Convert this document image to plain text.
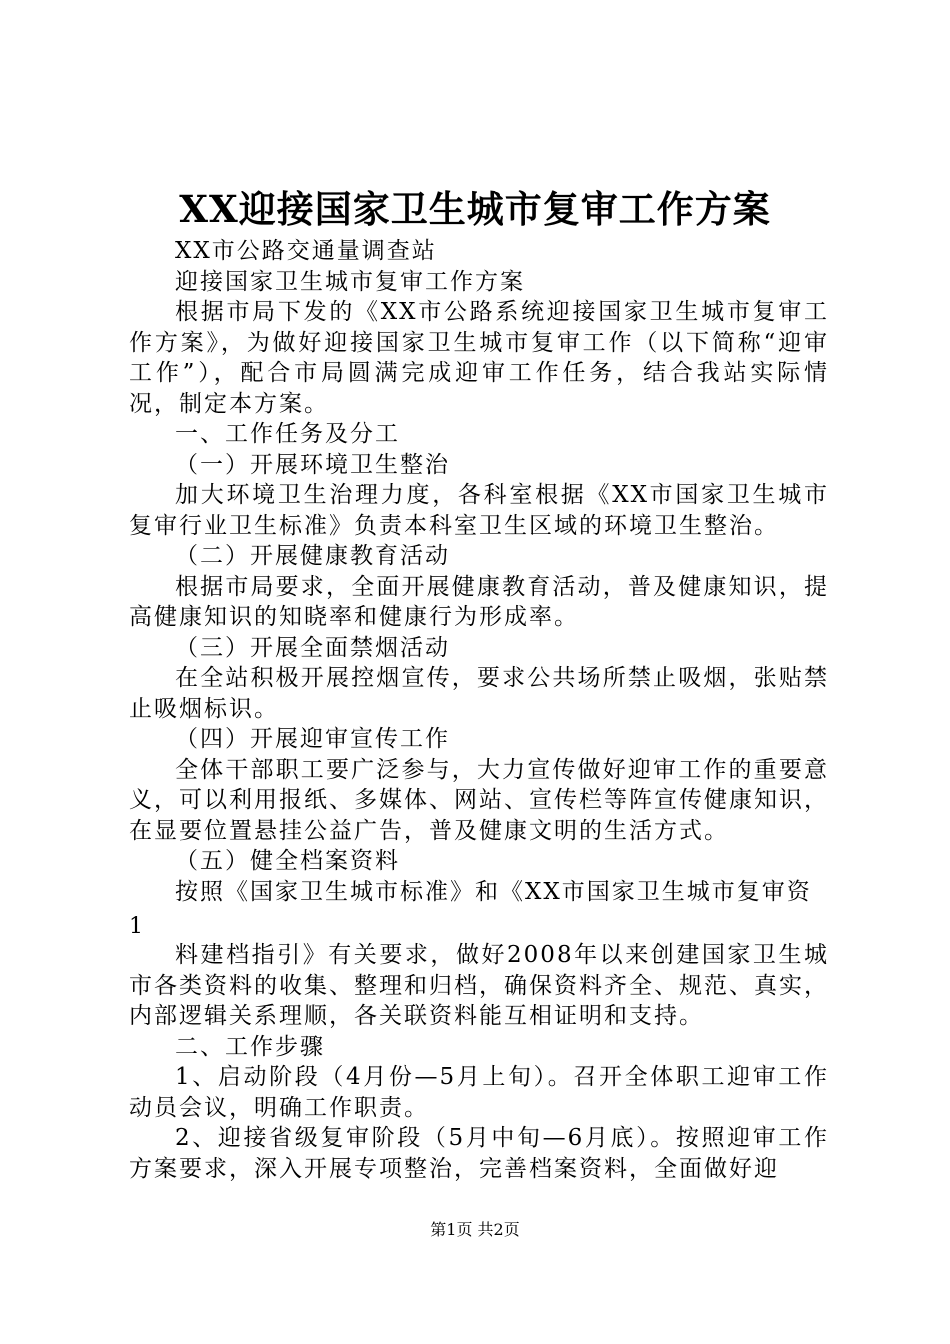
XX迎接国家卫生城市复审工作方案

XX市公路交通量调查站

迎接国家卫生城市复审工作方案

根据市局下发的《XX市公路系统迎接国家卫生城市复审工作方案》，为做好迎接国家卫生城市复审工作（以下简称“迎审工作”），配合市局圆满完成迎审工作任务，结合我站实际情况，制定本方案。

一、工作任务及分工

（一）开展环境卫生整治

加大环境卫生治理力度，各科室根据《XX市国家卫生城市复审行业卫生标准》负责本科室卫生区域的环境卫生整治。

（二）开展健康教育活动

根据市局要求，全面开展健康教育活动，普及健康知识，提高健康知识的知晓率和健康行为形成率。

（三）开展全面禁烟活动

在全站积极开展控烟宣传，要求公共场所禁止吸烟，张贴禁止吸烟标识。

（四）开展迎审宣传工作

全体干部职工要广泛参与，大力宣传做好迎审工作的重要意义，可以利用报纸、多媒体、网站、宣传栏等阵宣传健康知识，在显要位置悬挂公益广告，普及健康文明的生活方式。

（五）健全档案资料

按照《国家卫生城市标准》和《XX市国家卫生城市复审资

1

料建档指引》有关要求，做好2008年以来创建国家卫生城市各类资料的收集、整理和归档，确保资料齐全、规范、真实，内部逻辑关系理顺，各关联资料能互相证明和支持。

二、工作步骤

1、启动阶段（4月份—5月上旬）。召开全体职工迎审工作动员会议，明确工作职责。

2、迎接省级复审阶段（5月中旬—6月底）。按照迎审工作方案要求，深入开展专项整治，完善档案资料，全面做好迎

第1页 共2页
